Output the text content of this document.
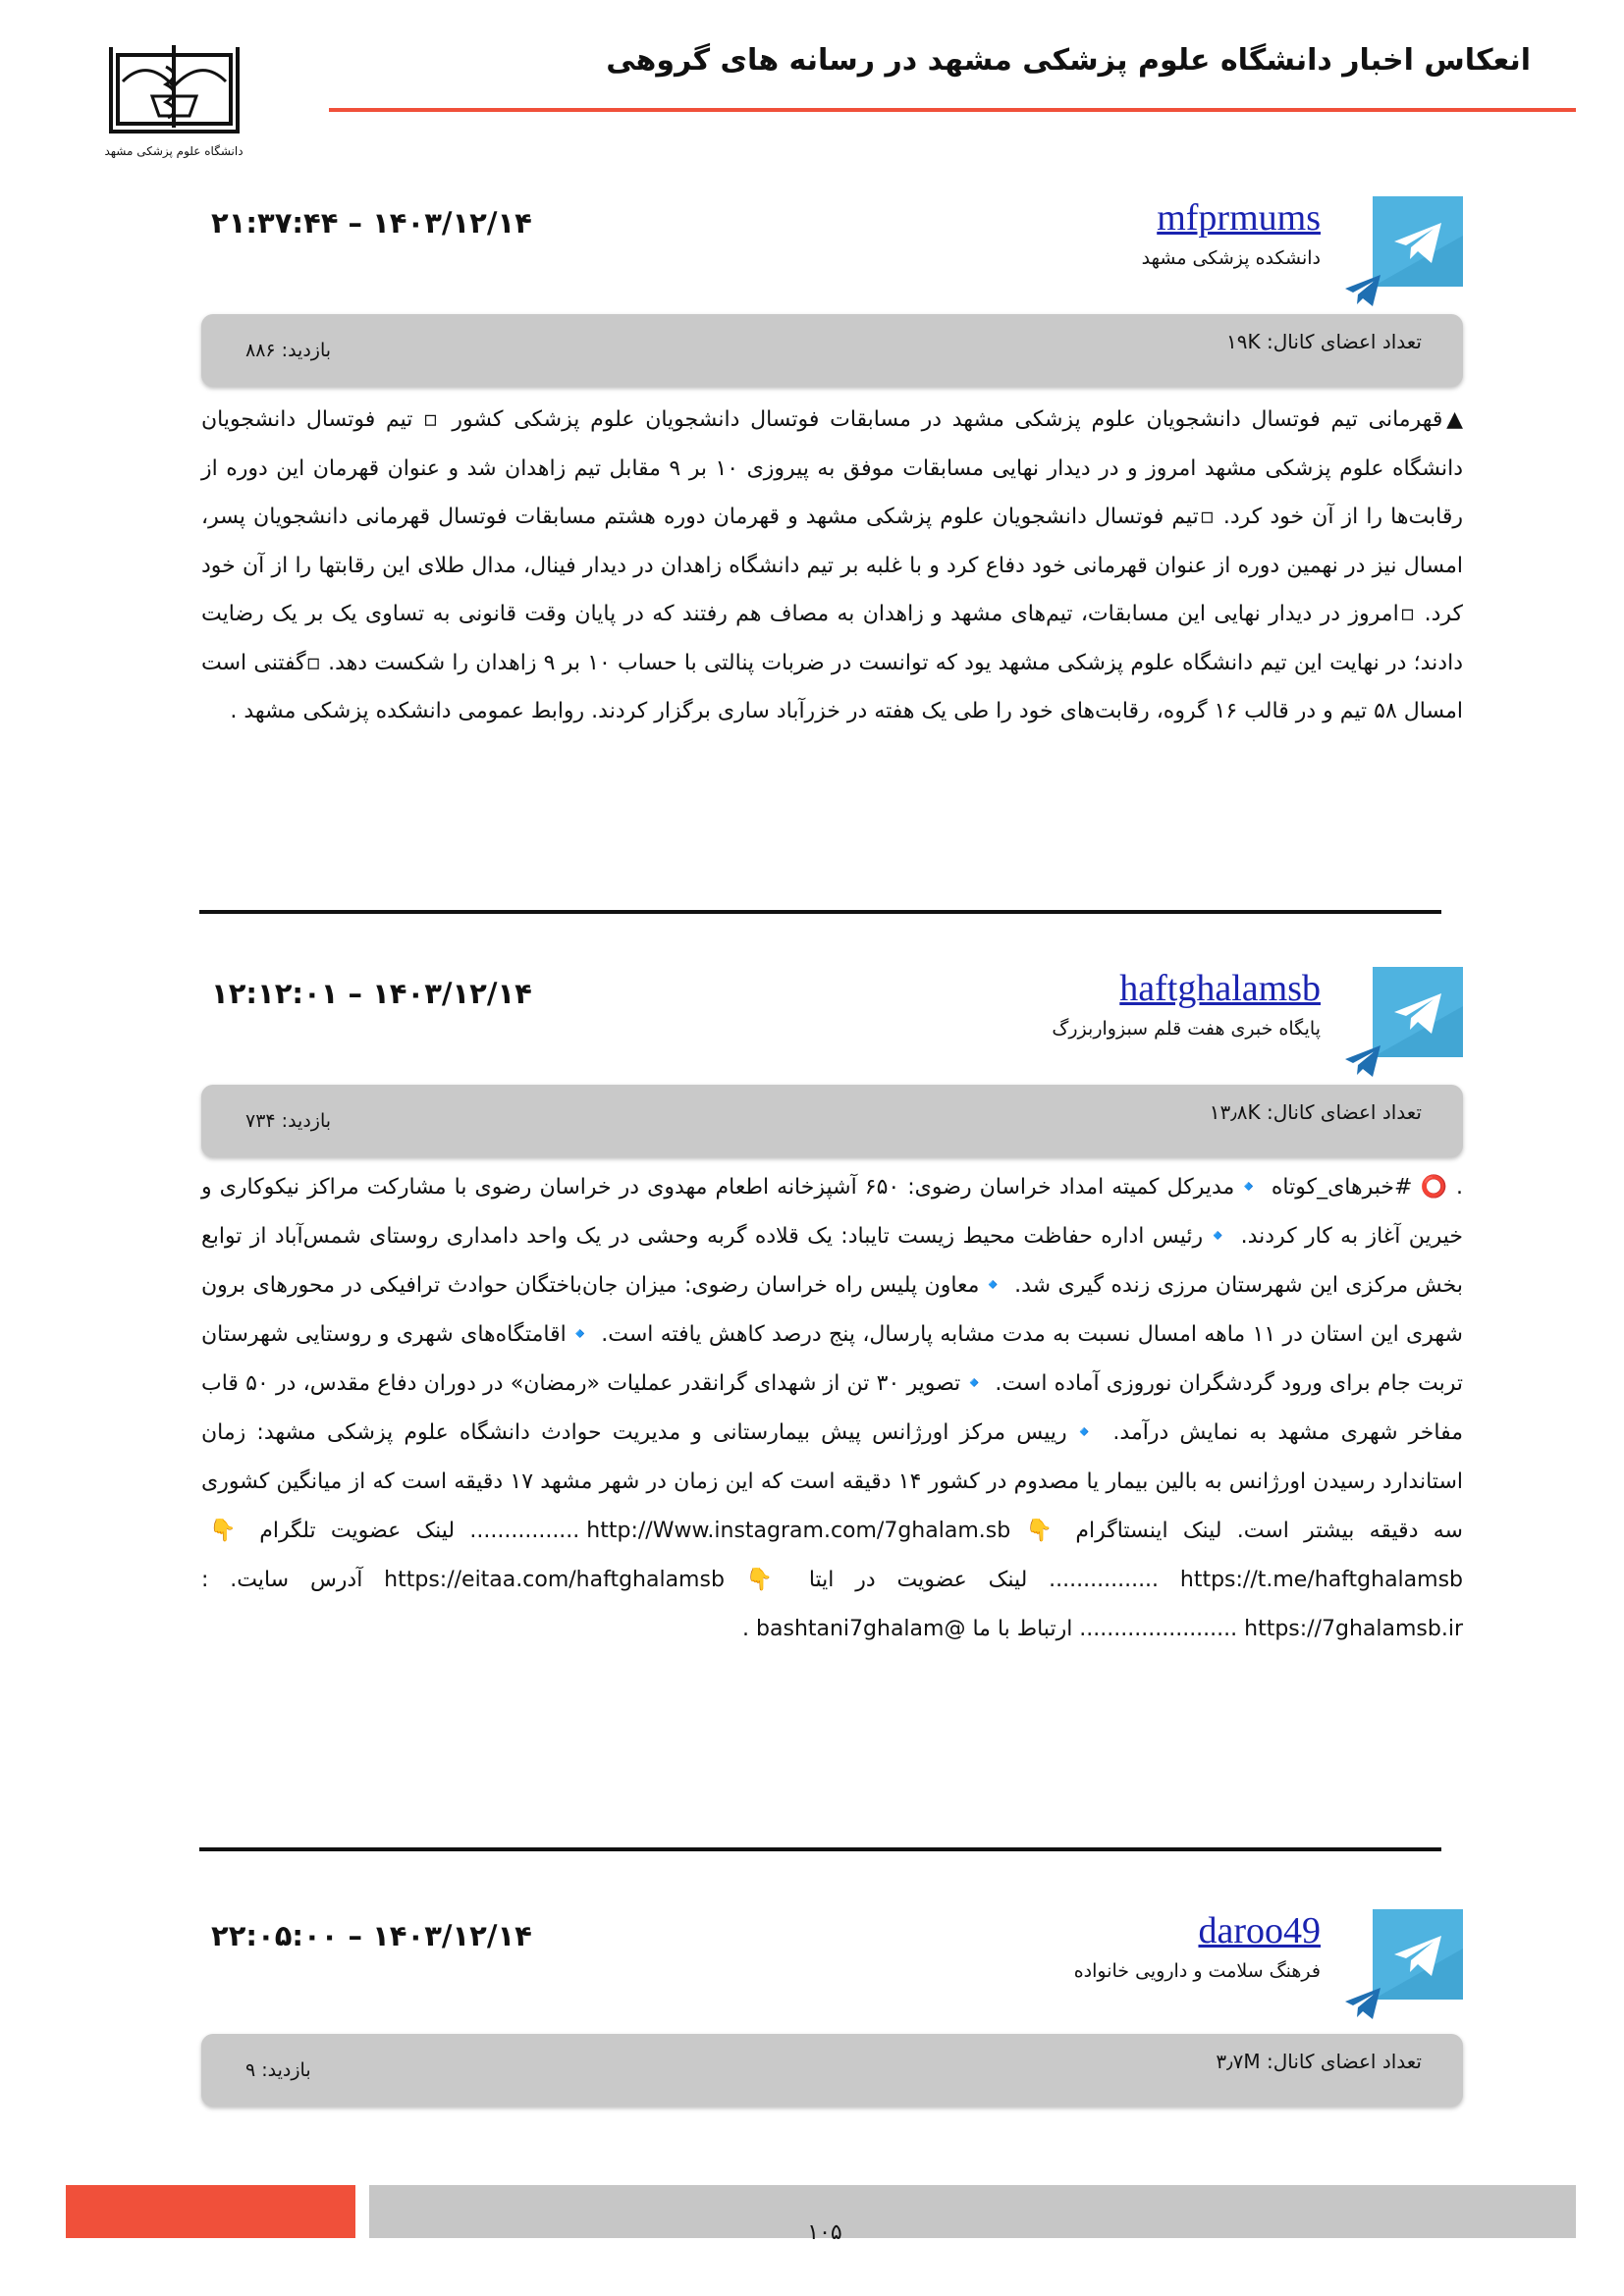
انعکاس اخبار دانشگاه علوم پزشکی مشهد در رسانه های گروهی
دانشگاه علوم پزشکی مشهد
mfprmums
دانشکده پزشکی مشهد
۲۱:۳۷:۴۴ – ۱۴۰۳/۱۲/۱۴
تعداد اعضای کانال: ۱۹K
بازدید: ۸۸۶
▲قهرمانی تیم فوتسال دانشجویان علوم پزشکی مشهد در مسابقات فوتسال دانشجویان علوم پزشکی کشور ▫ تیم فوتسال دانشجویان دانشگاه علوم پزشکی مشهد امروز و در دیدار نهایی مسابقات موفق به پیروزی ۱۰ بر ۹ مقابل تیم زاهدان شد و عنوان قهرمان این دوره از رقابت‌ها را از آن خود کرد. ▫تیم فوتسال دانشجویان علوم پزشکی مشهد و قهرمان دوره هشتم مسابقات فوتسال قهرمانی دانشجویان پسر، امسال نیز در نهمین دوره از عنوان قهرمانی خود دفاع کرد و با غلبه بر تیم دانشگاه زاهدان در دیدار فینال، مدال طلای این رقابتها را از آن خود کرد. ▫امروز در دیدار نهایی این مسابقات، تیم‌های مشهد و زاهدان به مصاف هم رفتند که در پایان وقت قانونی به تساوی یک بر یک رضایت دادند؛ در نهایت این تیم دانشگاه علوم پزشکی مشهد یود که توانست در ضربات پنالتی با حساب ۱۰ بر ۹ زاهدان را شکست دهد. ▫گفتنی است امسال ۵۸ تیم و در قالب ۱۶ گروه، رقابت‌های خود را طی یک هفته در خزرآباد ساری برگزار کردند. روابط عمومی دانشکده پزشکی مشهد .
haftghalamsb
پایگاه خبری هفت قلم سبزواربزرگ
۱۲:۱۲:۰۱ – ۱۴۰۳/۱۲/۱۴
تعداد اعضای کانال: ۱۳٫۸K
بازدید: ۷۳۴
. ⭕ #خبرهای_کوتاه 🔹مدیرکل کمیته امداد خراسان رضوی: ۶۵۰ آشپزخانه اطعام مهدوی در خراسان رضوی با مشارکت مراکز نیکوکاری و خیرین آغاز به کار کردند. 🔹رئیس اداره حفاظت محیط زیست تایباد: یک قلاده گربه وحشی در یک واحد دامداری روستای شمس‌آباد از توابع بخش مرکزی این شهرستان مرزی زنده گیری شد. 🔹معاون پلیس راه خراسان رضوی: میزان جان‌باختگان حوادث ترافیکی در محورهای برون شهری این استان در ۱۱ ماهه امسال نسبت به مدت مشابه پارسال، پنج درصد کاهش یافته است. 🔹اقامتگاه‌های شهری و روستایی شهرستان تربت جام برای ورود گردشگران نوروزی آماده است. 🔹تصویر ۳۰ تن از شهدای گرانقدر عملیات «رمضان» در دوران دفاع مقدس، در ۵۰ قاب مفاخر شهری مشهد به نمایش درآمد. 🔹رییس مرکز اورژانس پیش بیمارستانی و مدیریت حوادث دانشگاه علوم پزشکی مشهد: زمان استاندارد رسیدن اورژانس به بالین بیمار یا مصدوم در کشور ۱۴ دقیقه است که این زمان در شهر مشهد ۱۷ دقیقه است که از میانگین کشوری سه دقیقه بیشتر است. لینک اینستاگرام 👇 http://Www.instagram.com/7ghalam.sb ................ لینک عضویت تلگرام 👇 https://t.me/haftghalamsb ................ لینک عضویت در ایتا 👇 https://eitaa.com/haftghalamsb آدرس سایت. : https://7ghalamsb.ir ....................... ارتباط با ما @bashtani7ghalam .
daroo49
فرهنگ سلامت و دارویی خانواده
۲۲:۰۵:۰۰ – ۱۴۰۳/۱۲/۱۴
تعداد اعضای کانال: ۳٫۷M
بازدید: ۹
۱۰۵
